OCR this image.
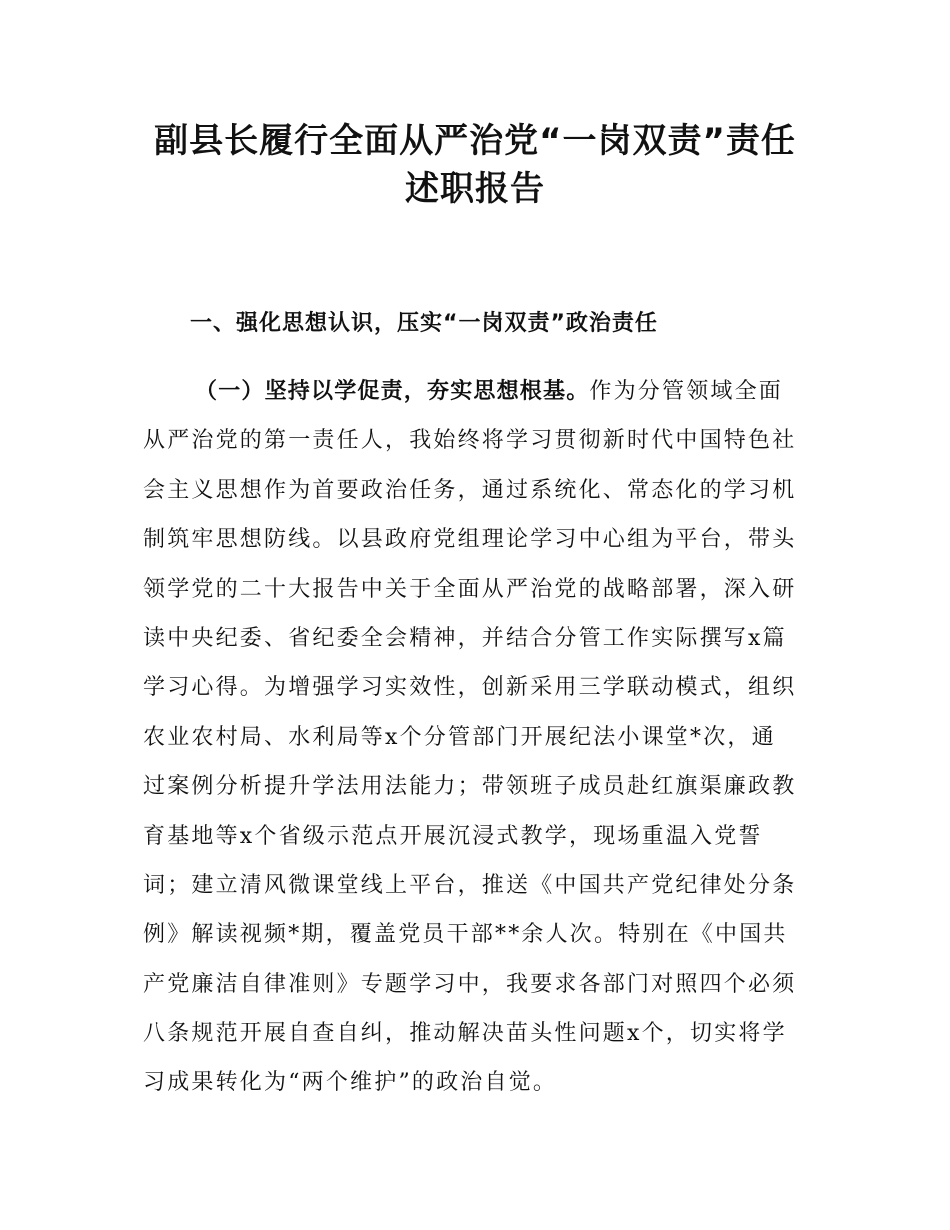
副县长履行全面从严治党“一岗双责”责任
述职报告
一、强化思想认识，压实“一岗双责”政治责任
（一）坚持以学促责，夯实思想根基。作为分管领域全面
从严治党的第一责任人，我始终将学习贯彻新时代中国特色社
会主义思想作为首要政治任务，通过系统化、常态化的学习机
制筑牢思想防线。以县政府党组理论学习中心组为平台，带头
领学党的二十大报告中关于全面从严治党的战略部署，深入研
读中央纪委、省纪委全会精神，并结合分管工作实际撰写x篇
学习心得。为增强学习实效性，创新采用三学联动模式，组织
农业农村局、水利局等x个分管部门开展纪法小课堂*次，通
过案例分析提升学法用法能力；带领班子成员赴红旗渠廉政教
育基地等x个省级示范点开展沉浸式教学，现场重温入党誓
词；建立清风微课堂线上平台，推送《中国共产党纪律处分条
例》解读视频*期，覆盖党员干部**余人次。特别在《中国共
产党廉洁自律准则》专题学习中，我要求各部门对照四个必须
八条规范开展自查自纠，推动解决苗头性问题x个，切实将学
习成果转化为“两个维护”的政治自觉。
